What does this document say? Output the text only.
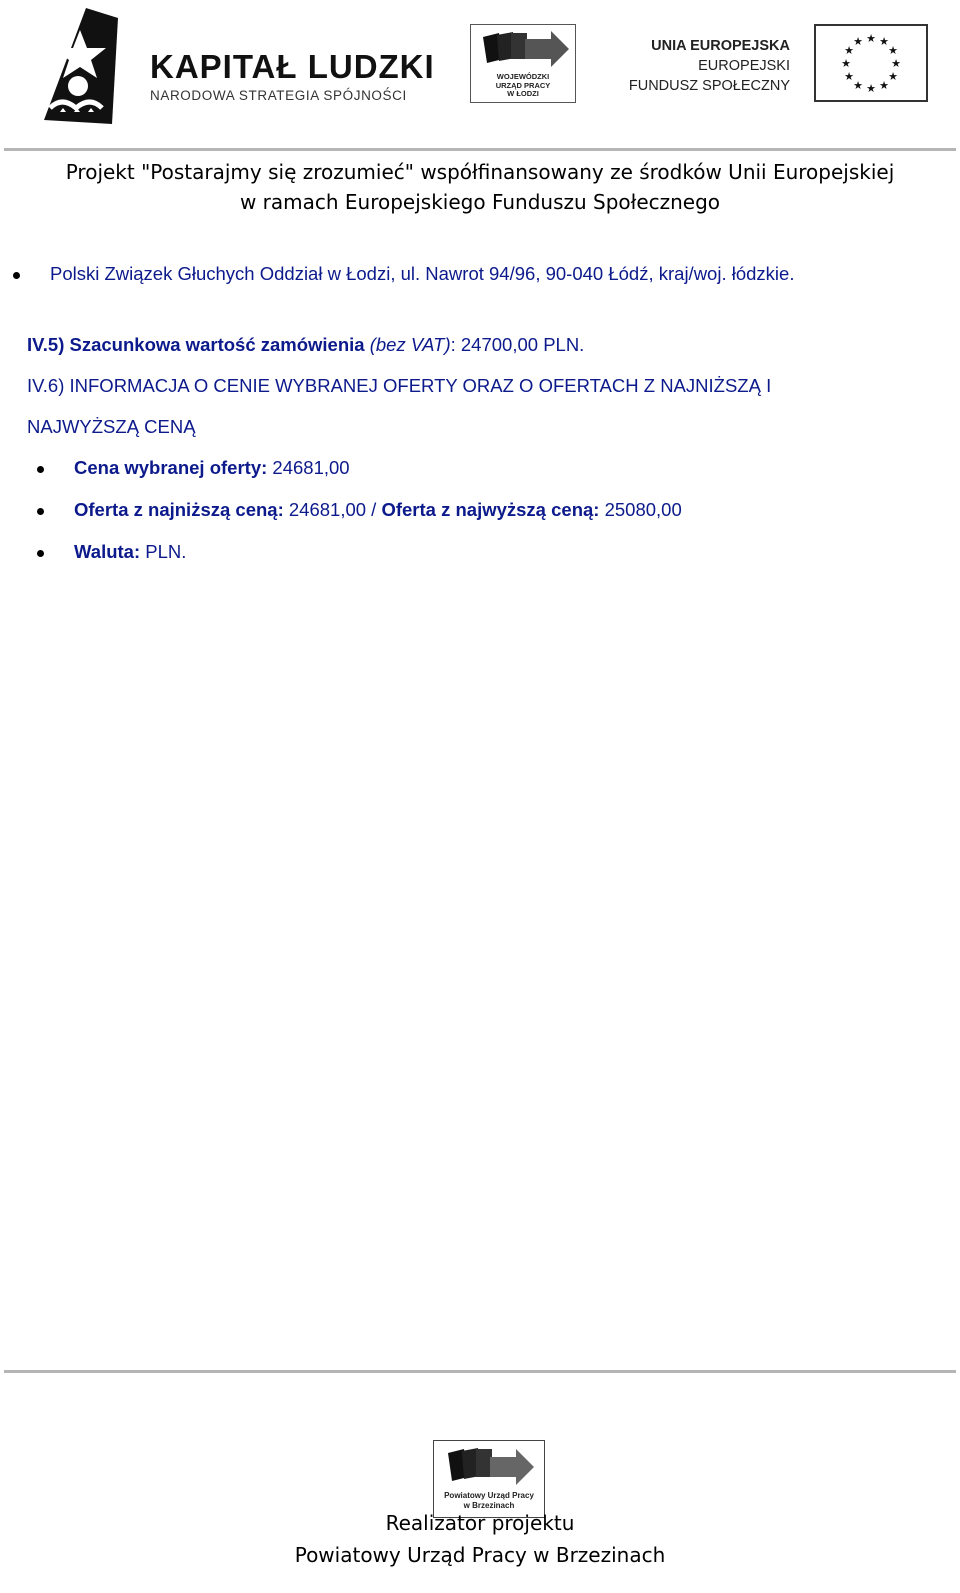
KAPITAŁ LUDZKI
NARODOWA STRATEGIA SPÓJNOŚCI
WOJEWÓDZKI
URZĄD PRACY
W ŁODZI
UNIA EUROPEJSKA
EUROPEJSKI
FUNDUSZ SPOŁECZNY
★ ★
★
★
★
★
★
★
★
★
★
★
Projekt "Postarajmy się zrozumieć" współfinansowany ze środków Unii Europejskiej
w ramach Europejskiego Funduszu Społecznego
Polski Związek Głuchych Oddział w Łodzi, ul. Nawrot 94/96, 90-040 Łódź, kraj/woj. łódzkie.
IV.5) Szacunkowa wartość zamówienia (bez VAT): 24700,00 PLN.
IV.6) INFORMACJA O CENIE WYBRANEJ OFERTY ORAZ O OFERTACH Z NAJNIŻSZĄ I
NAJWYŻSZĄ CENĄ
Cena wybranej oferty: 24681,00
Oferta z najniższą ceną: 24681,00 / Oferta z najwyższą ceną: 25080,00
Waluta: PLN.
Powiatowy Urząd Pracy
w Brzezinach
Realizator projektu
Powiatowy Urząd Pracy w Brzezinach
